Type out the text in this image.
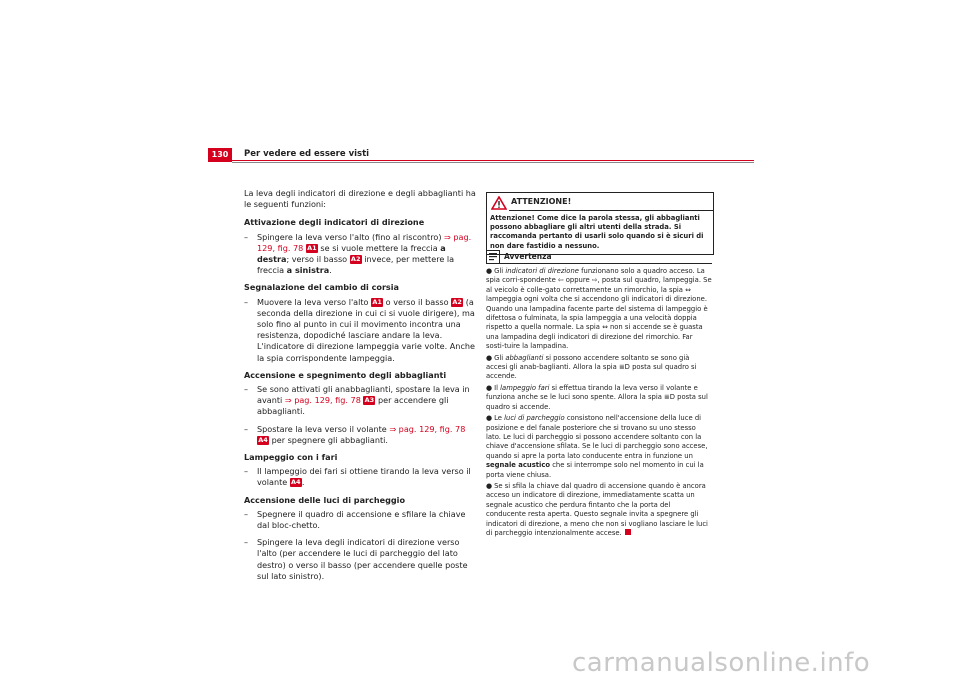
130	Per vedere ed essere visti

La leva degli indicatori di direzione e degli abbaglianti ha le seguenti funzioni:

Attivazione degli indicatori di direzione
– Spingere la leva verso l'alto (fino al riscontro) ⇒ pag. 129, fig. 78 A1 se si vuole mettere la freccia a destra; verso il basso A2 invece, per mettere la freccia a sinistra.
Segnalazione del cambio di corsia
– Muovere la leva verso l'alto A1 o verso il basso A2 (a seconda della direzione in cui ci si vuole dirigere), ma solo fino al punto in cui il movimento incontra una resistenza, dopodiché lasciare andare la leva. L'indicatore di direzione lampeggia varie volte. Anche la spia corrispondente lampeggia.
Accensione e spegnimento degli abbaglianti
– Se sono attivati gli anabbaglianti, spostare la leva in avanti ⇒ pag. 129, fig. 78 A3 per accendere gli abbaglianti.
– Spostare la leva verso il volante ⇒ pag. 129, fig. 78 A4 per spegnere gli abbaglianti.
Lampeggio con i fari
– Il lampeggio dei fari si ottiene tirando la leva verso il volante A4.
Accensione delle luci di parcheggio
– Spegnere il quadro di accensione e sfilare la chiave dal bloc-chetto.
– Spingere la leva degli indicatori di direzione verso l'alto (per accendere le luci di parcheggio del lato destro) o verso il basso (per accendere quelle poste sul lato sinistro).
ATTENZIONE!
Attenzione! Come dice la parola stessa, gli abbaglianti possono abbagliare gli altri utenti della strada. Si raccomanda pertanto di usarli solo quando si è sicuri di non dare fastidio a nessuno.
Avvertenza
● Gli indicatori di direzione funzionano solo a quadro acceso. La spia corri-spondente ⇦ oppure ⇨, posta sul quadro, lampeggia. Se al veicolo è colle-gato correttamente un rimorchio, la spia ⇔ lampeggia ogni volta che si accendono gli indicatori di direzione. Quando una lampadina facente parte del sistema di lampeggio è difettosa o fulminata, la spia lampeggia a una velocità doppia rispetto a quella normale. La spia ⇔ non si accende se è guasta una lampadina degli indicatori di direzione del rimorchio. Far sosti-tuire la lampadina.
● Gli abbaglianti si possono accendere soltanto se sono già accesi gli anab-baglianti. Allora la spia ≣D posta sul quadro si accende.
● Il lampeggio fari si effettua tirando la leva verso il volante e funziona anche se le luci sono spente. Allora la spia ≣D posta sul quadro si accende.
● Le luci di parcheggio consistono nell'accensione della luce di posizione e del fanale posteriore che si trovano su uno stesso lato. Le luci di parcheggio si possono accendere soltanto con la chiave d'accensione sfilata. Se le luci di parcheggio sono accese, quando si apre la porta lato conducente entra in funzione un segnale acustico che si interrompe solo nel momento in cui la porta viene chiusa.
● Se si sfila la chiave dal quadro di accensione quando è ancora acceso un indicatore di direzione, immediatamente scatta un segnale acustico che perdura fintanto che la porta del conducente resta aperta. Questo segnale invita a spegnere gli indicatori di direzione, a meno che non si vogliano lasciare le luci di parcheggio intenzionalmente accese.
carmanualsonline.info
